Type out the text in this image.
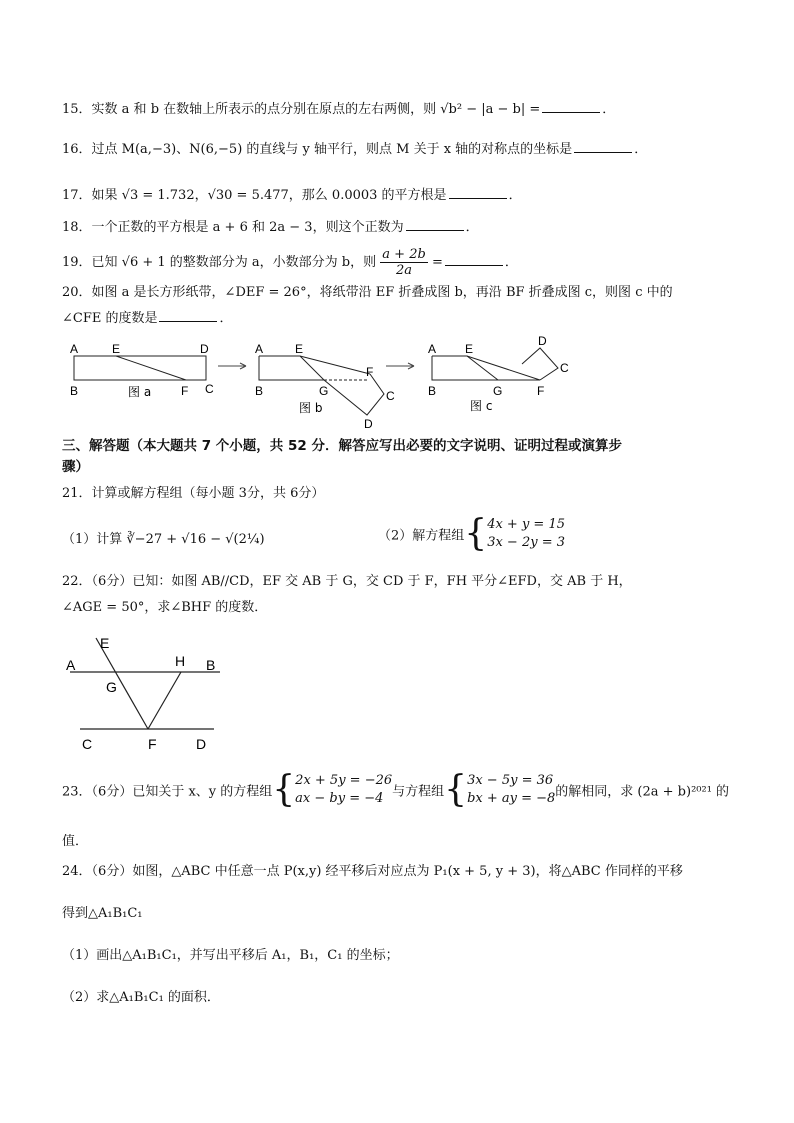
15．实数 a 和 b 在数轴上所表示的点分别在原点的左右两侧，则 √b² − |a − b| =	．
16．过点 M(a,−3)、N(6,−5) 的直线与 y 轴平行，则点 M 关于 x 轴的对称点的坐标是	．
17．如果 √3 = 1.732，√30 = 5.477，那么 0.0003 的平方根是	．
18．一个正数的平方根是 a + 6 和 2a − 3，则这个正数为	．
19．已知 √6 + 1 的整数部分为 a，小数部分为 b，则 $\frac{a + 2b}{2a}$ =	．
20．如图 a 是长方形纸带，∠DEF = 26°，将纸带沿 EF 折叠成图 b，再沿 BF 折叠成图 c，则图 c 中的
∠CFE 的度数是	．
A	E	D
B	F C
图 a
A	E
F
B	G	C
D
图 b
A E
D
C
B	G	F
图 c
三、解答题（本大题共 7 个小题，共 52 分．解答应写出必要的文字说明、证明过程或演算步
骤）
21．计算或解方程组（每小题 3分，共 6分）
（1）计算 ∛−27 + √16 − √(2¼)	（2）解方程组{ 4x + y = 15
3x − 2y = 3
22．（6分）已知：如图 AB//CD，EF 交 AB 于 G，交 CD 于 F，FH 平分∠EFD，交 AB 于 H，
∠AGE = 50°，求∠BHF 的度数．
E
A	H B
G
C	F	D
23．（6分）已知关于 x、y 的方程组{ 2x + 5y = −26
ax − by = −4 与方程组{ 3x − 5y = 36
bx + ay = −8 的解相同，求 (2a + b)²⁰²¹ 的
值．
24．（6分）如图，△ABC 中任意一点 P(x,y) 经平移后对应点为 P₁(x + 5, y + 3)，将△ABC 作同样的平移
得到△A₁B₁C₁
（1）画出△A₁B₁C₁，并写出平移后 A₁，B₁，C₁ 的坐标；
（2）求△A₁B₁C₁ 的面积．
